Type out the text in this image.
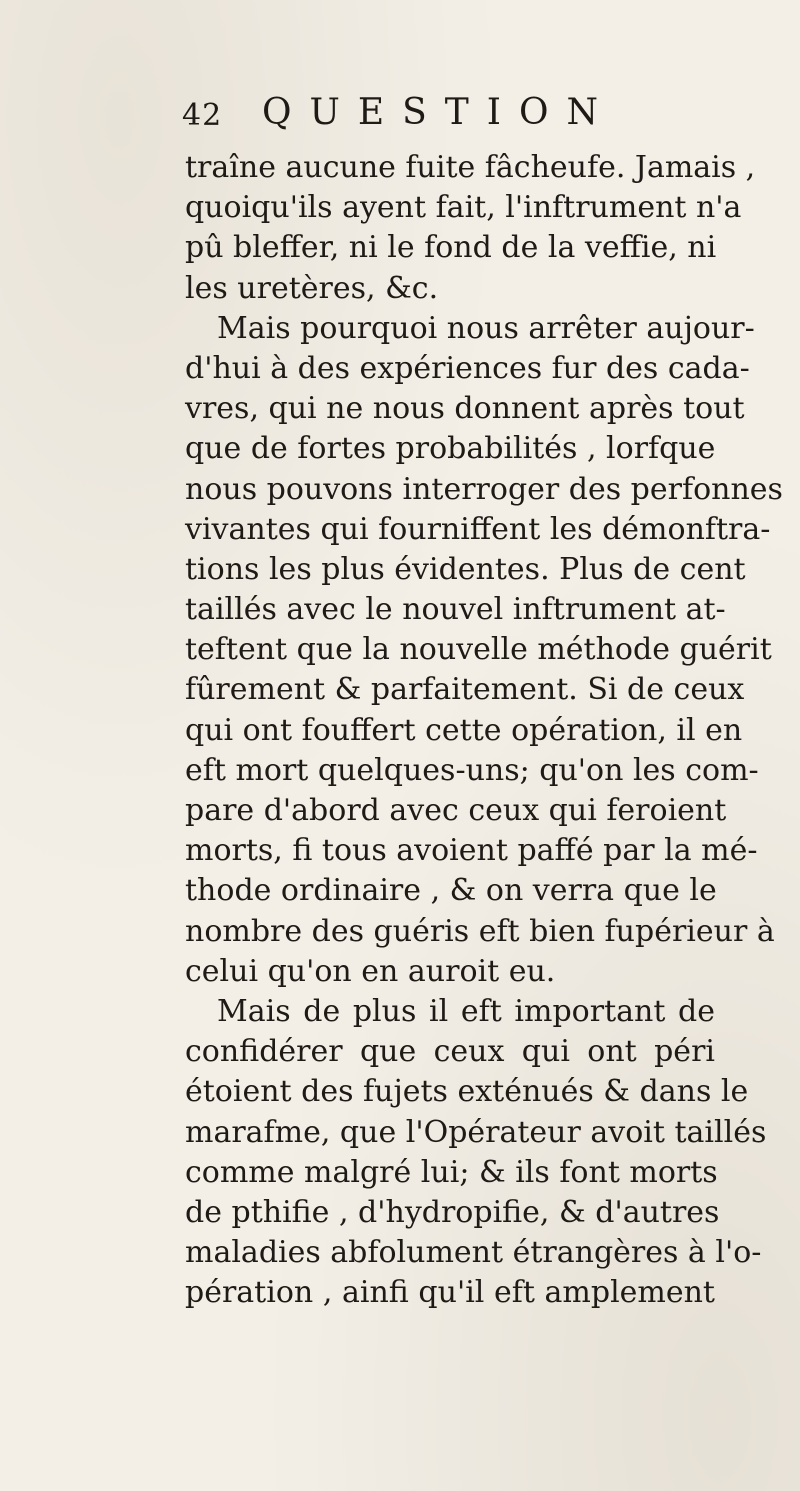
42 QUESTION
traîne aucune fuite fâcheufe. Jamais ,
quoiqu'ils ayent fait, l'inftrument n'a
pû bleffer, ni le fond de la veffie, ni
les uretères, &c.
Mais pourquoi nous arrêter aujour-
d'hui à des expériences fur des cada-
vres, qui ne nous donnent après tout
que de fortes probabilités , lorfque
nous pouvons interroger des perfonnes
vivantes qui fourniffent les démonftra-
tions les plus évidentes. Plus de cent
taillés avec le nouvel inftrument at-
teftent que la nouvelle méthode guérit
fûrement & parfaitement. Si de ceux
qui ont fouffert cette opération, il en
eft mort quelques-uns; qu'on les com-
pare d'abord avec ceux qui feroient
morts, fi tous avoient paffé par la mé-
thode ordinaire , & on verra que le
nombre des guéris eft bien fupérieur à
celui qu'on en auroit eu.
Mais de plus il eft important de
confidérer que ceux qui ont péri
étoient des fujets exténués & dans le
marafme, que l'Opérateur avoit taillés
comme malgré lui; & ils font morts
de pthifie , d'hydropifie, & d'autres
maladies abfolument étrangères à l'o-
pération , ainfi qu'il eft amplement
